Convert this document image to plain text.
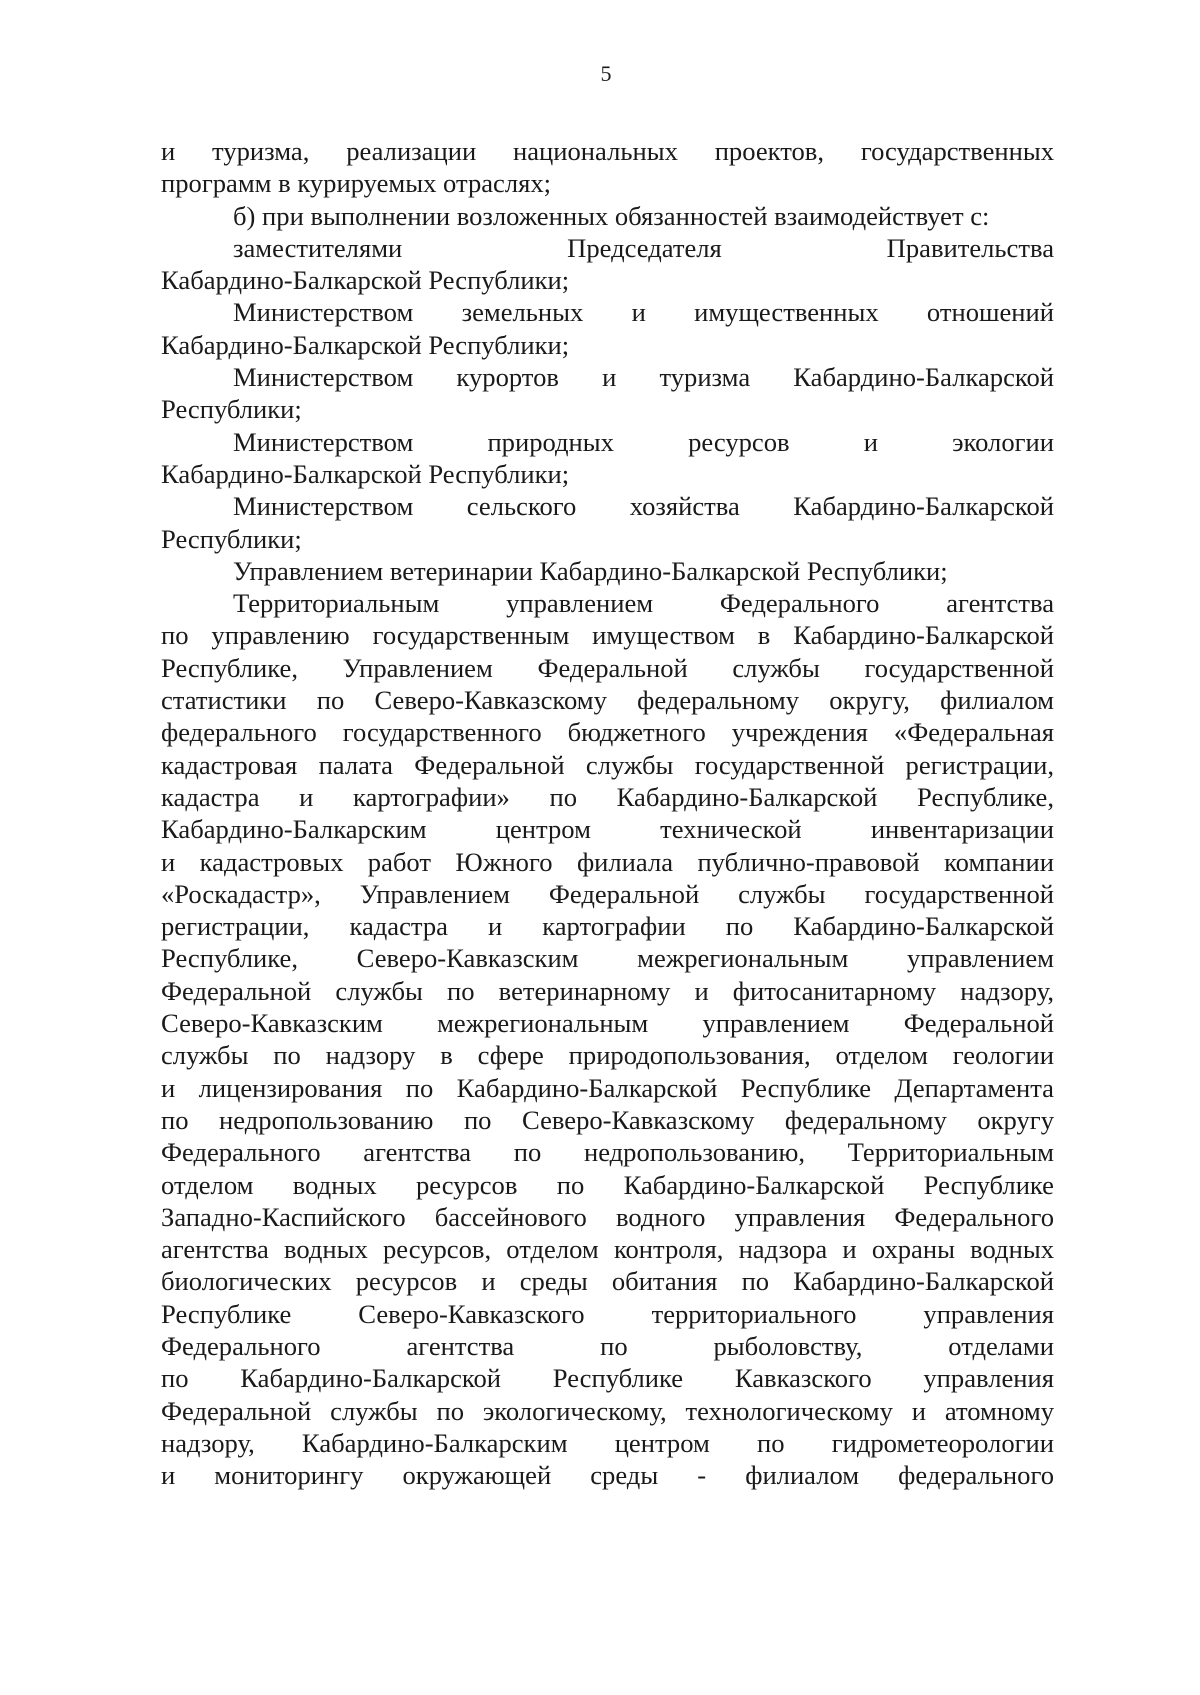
5

и туризма, реализации национальных проектов, государственных

программ в курируемых отраслях;

б) при выполнении возложенных обязанностей взаимодействует с:

заместителями Председателя Правительства

Кабардино-Балкарской Республики;

Министерством земельных и имущественных отношений

Кабардино-Балкарской Республики;

Министерством курортов и туризма Кабардино-Балкарской

Республики;

Министерством природных ресурсов и экологии

Кабардино-Балкарской Республики;

Министерством сельского хозяйства Кабардино-Балкарской

Республики;

Управлением ветеринарии Кабардино-Балкарской Республики;

Территориальным управлением Федерального агентства

по управлению государственным имуществом в Кабардино-Балкарской

Республике, Управлением Федеральной службы государственной

статистики по Северо-Кавказскому федеральному округу, филиалом

федерального государственного бюджетного учреждения «Федеральная

кадастровая палата Федеральной службы государственной регистрации,

кадастра и картографии» по Кабардино-Балкарской Республике,

Кабардино-Балкарским центром технической инвентаризации

и кадастровых работ Южного филиала публично-правовой компании

«Роскадастр», Управлением Федеральной службы государственной

регистрации, кадастра и картографии по Кабардино-Балкарской

Республике, Северо-Кавказским межрегиональным управлением

Федеральной службы по ветеринарному и фитосанитарному надзору,

Северо-Кавказским межрегиональным управлением Федеральной

службы по надзору в сфере природопользования, отделом геологии

и лицензирования по Кабардино-Балкарской Республике Департамента

по недропользованию по Северо-Кавказскому федеральному округу

Федерального агентства по недропользованию, Территориальным

отделом водных ресурсов по Кабардино-Балкарской Республике

Западно-Каспийского бассейнового водного управления Федерального

агентства водных ресурсов, отделом контроля, надзора и охраны водных

биологических ресурсов и среды обитания по Кабардино-Балкарской

Республике Северо-Кавказского территориального управления

Федерального агентства по рыболовству, отделами

по Кабардино-Балкарской Республике Кавказского управления

Федеральной службы по экологическому, технологическому и атомному

надзору, Кабардино-Балкарским центром по гидрометеорологии

и мониторингу окружающей среды - филиалом федерального
